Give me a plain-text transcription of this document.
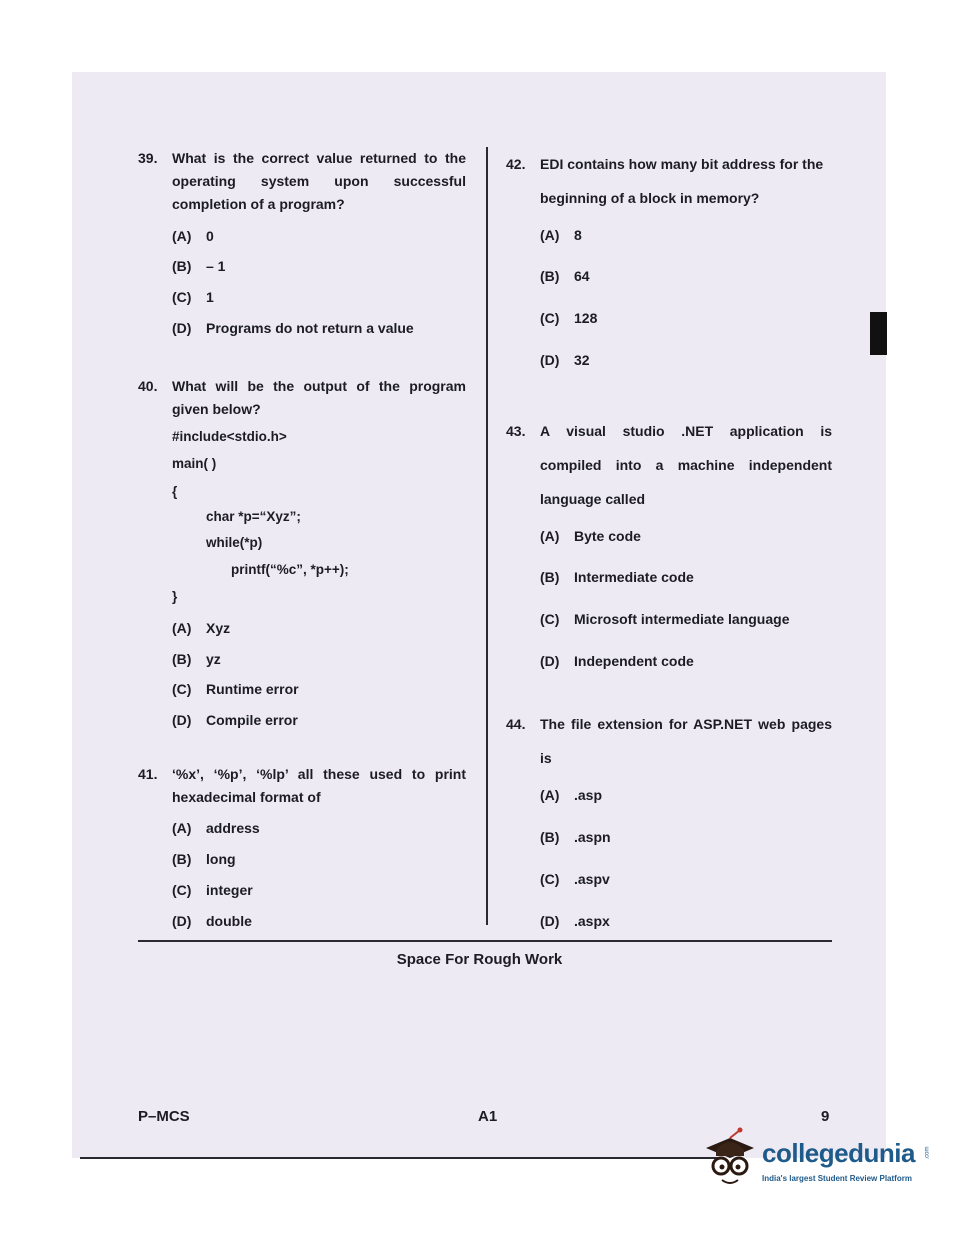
39. What is the correct value returned to the operating system upon successful completion of a program?
(A) 0
(B) – 1
(C) 1
(D) Programs do not return a value
40. What will be the output of the program given below?
#include<stdio.h>
main( )
{
char *p=“Xyz”;
while(*p)
printf(“%c”, *p++);
}
(A) Xyz
(B) yz
(C) Runtime error
(D) Compile error
41. ‘%x’, ‘%p’, ‘%lp’ all these used to print hexadecimal format of
(A) address
(B) long
(C) integer
(D) double
42. EDI contains how many bit address for the beginning of a block in memory?
(A) 8
(B) 64
(C) 128
(D) 32
43. A visual studio .NET application is compiled into a machine independent language called
(A) Byte code
(B) Intermediate code
(C) Microsoft intermediate language
(D) Independent code
44. The file extension for ASP.NET web pages is
(A) .asp
(B) .aspn
(C) .aspv
(D) .aspx
Space For Rough Work
P–MCS	A1	9
collegedunia .com
India's largest Student Review Platform
